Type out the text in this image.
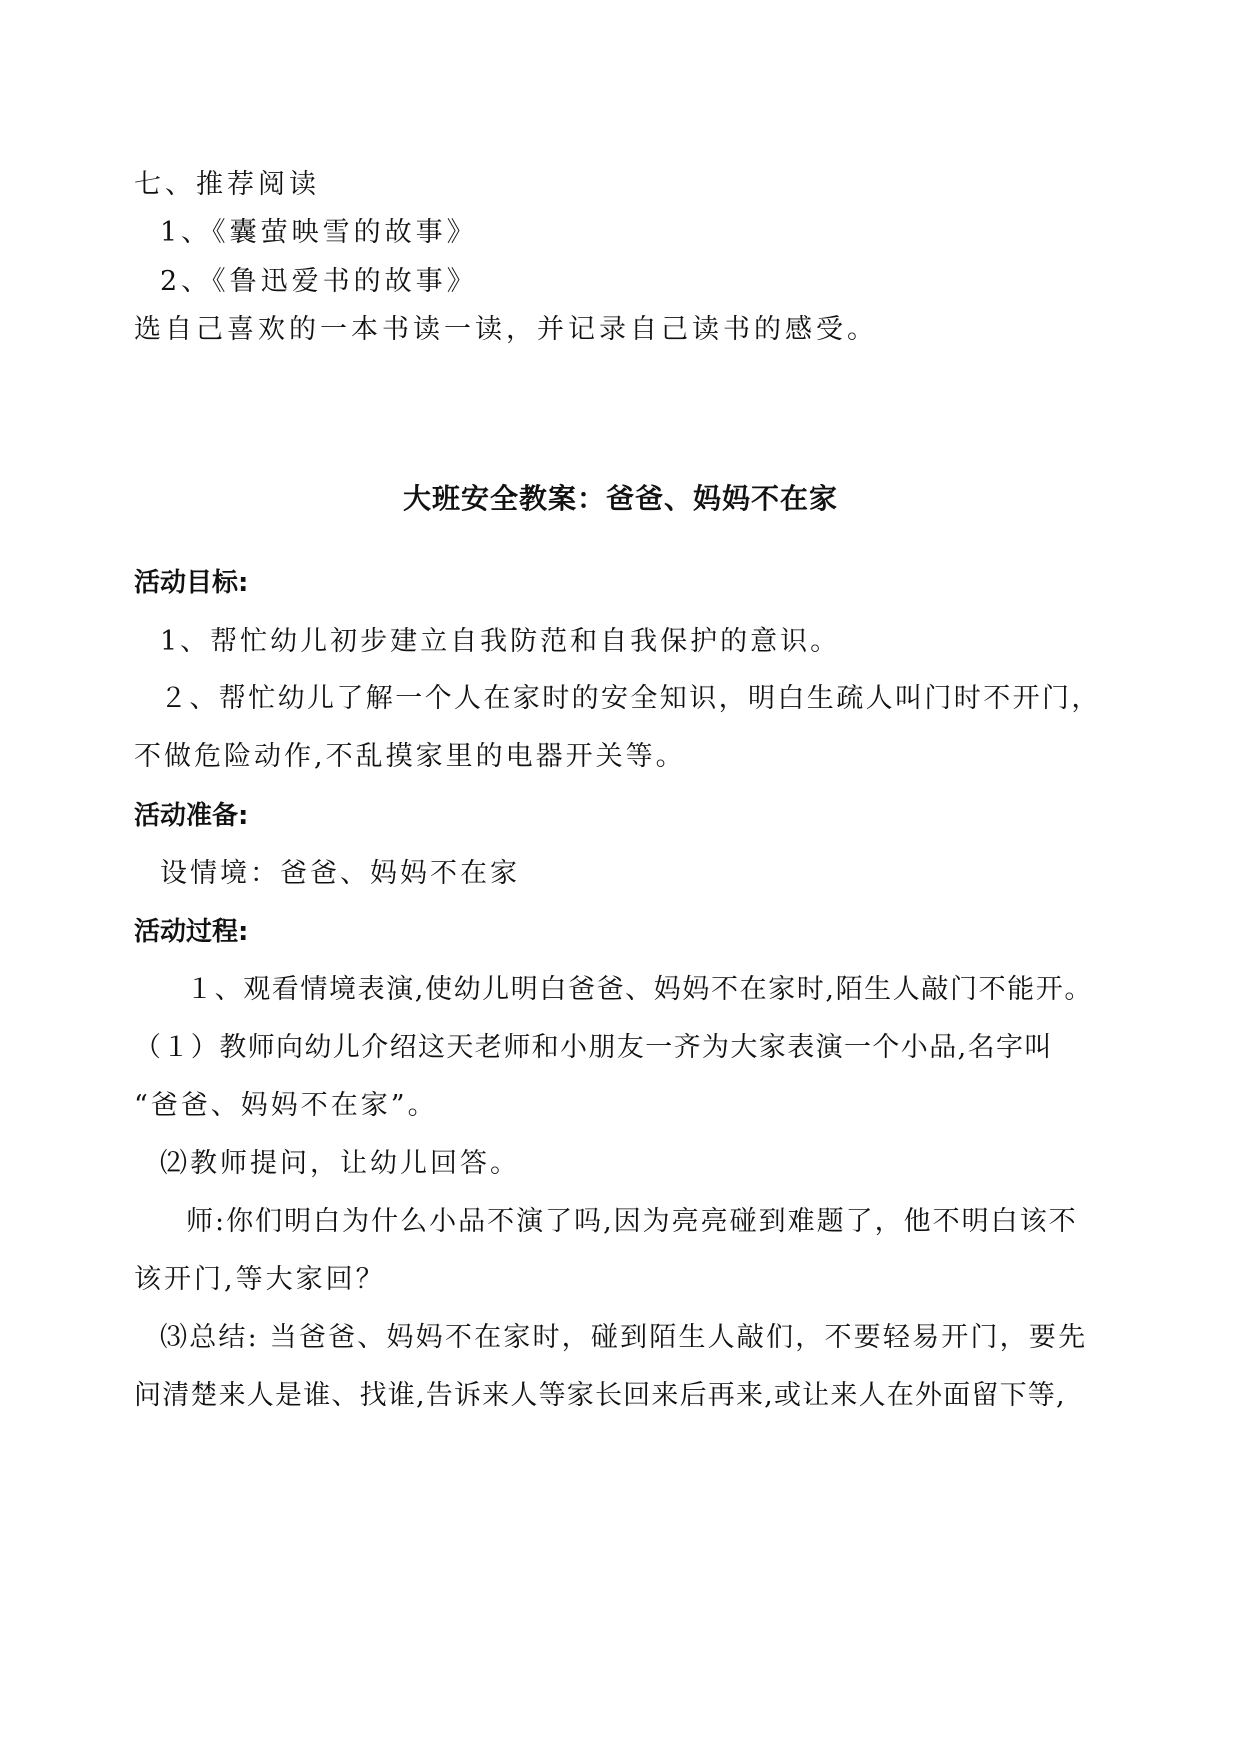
七、推荐阅读
1、《囊萤映雪的故事》
2、《鲁迅爱书的故事》
选自己喜欢的一本书读一读，并记录自己读书的感受。
大班安全教案：爸爸、妈妈不在家
活动目标:
1、帮忙幼儿初步建立自我防范和自我保护的意识。
２、帮忙幼儿了解一个人在家时的安全知识，明白生疏人叫门时不开门，
不做危险动作,不乱摸家里的电器开关等。
活动准备:
设情境：爸爸、妈妈不在家
活动过程:
１、观看情境表演,使幼儿明白爸爸、妈妈不在家时,陌生人敲门不能开。
（１）教师向幼儿介绍这天老师和小朋友一齐为大家表演一个小品,名字叫
“爸爸、妈妈不在家”。
⑵教师提问，让幼儿回答。
师:你们明白为什么小品不演了吗,因为亮亮碰到难题了，他不明白该不
该开门,等大家回？
⑶总结: 当爸爸、妈妈不在家时，碰到陌生人敲们，不要轻易开门，要先
问清楚来人是谁、找谁,告诉来人等家长回来后再来,或让来人在外面留下等,
